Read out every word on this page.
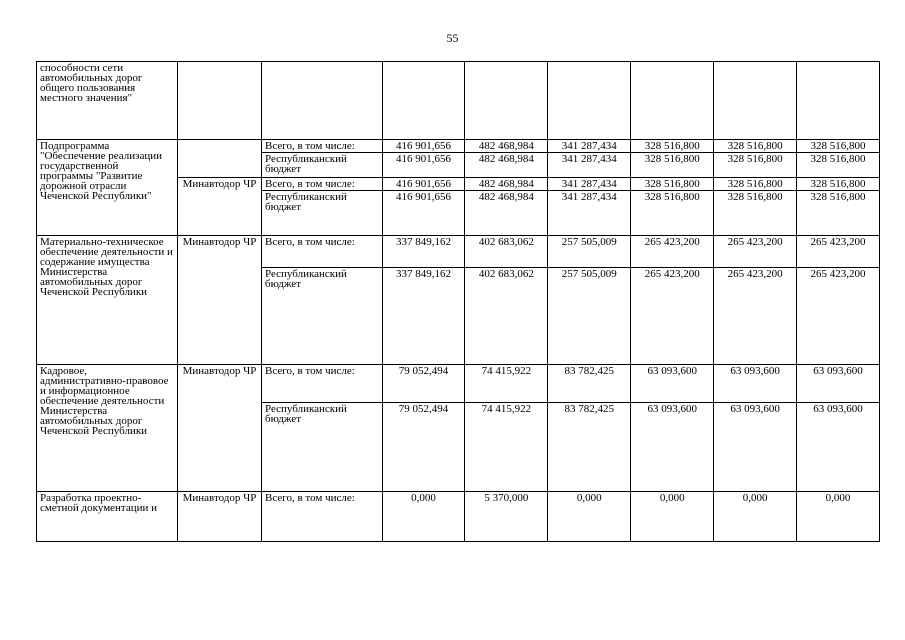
55
способности сети автомобильных дорог общего пользования местного значения"								
Подпрограмма "Обеспечение реализации государственной программы "Развитие дорожной отрасли Чеченской Республики"		Всего, в том числе:	416 901,656	482 468,984	341 287,434	328 516,800	328 516,800	328 516,800
		Республиканский бюджет	416 901,656	482 468,984	341 287,434	328 516,800	328 516,800	328 516,800
	Минавтодор ЧР	Всего, в том числе:	416 901,656	482 468,984	341 287,434	328 516,800	328 516,800	328 516,800
		Республиканский бюджет	416 901,656	482 468,984	341 287,434	328 516,800	328 516,800	328 516,800
Материально-техническое обеспечение деятельности и содержание имущества Министерства автомобильных дорог Чеченской Республики	Минавтодор ЧР	Всего, в том числе:	337 849,162	402 683,062	257 505,009	265 423,200	265 423,200	265 423,200
		Республиканский бюджет	337 849,162	402 683,062	257 505,009	265 423,200	265 423,200	265 423,200
Кадровое, административно-правовое и информационное обеспечение деятельности Министерства автомобильных дорог Чеченской Республики	Минавтодор ЧР	Всего, в том числе:	79 052,494	74 415,922	83 782,425	63 093,600	63 093,600	63 093,600
		Республиканский бюджет	79 052,494	74 415,922	83 782,425	63 093,600	63 093,600	63 093,600
Разработка проектно-сметной документации и	Минавтодор ЧР	Всего, в том числе:	0,000	5 370,000	0,000	0,000	0,000	0,000
